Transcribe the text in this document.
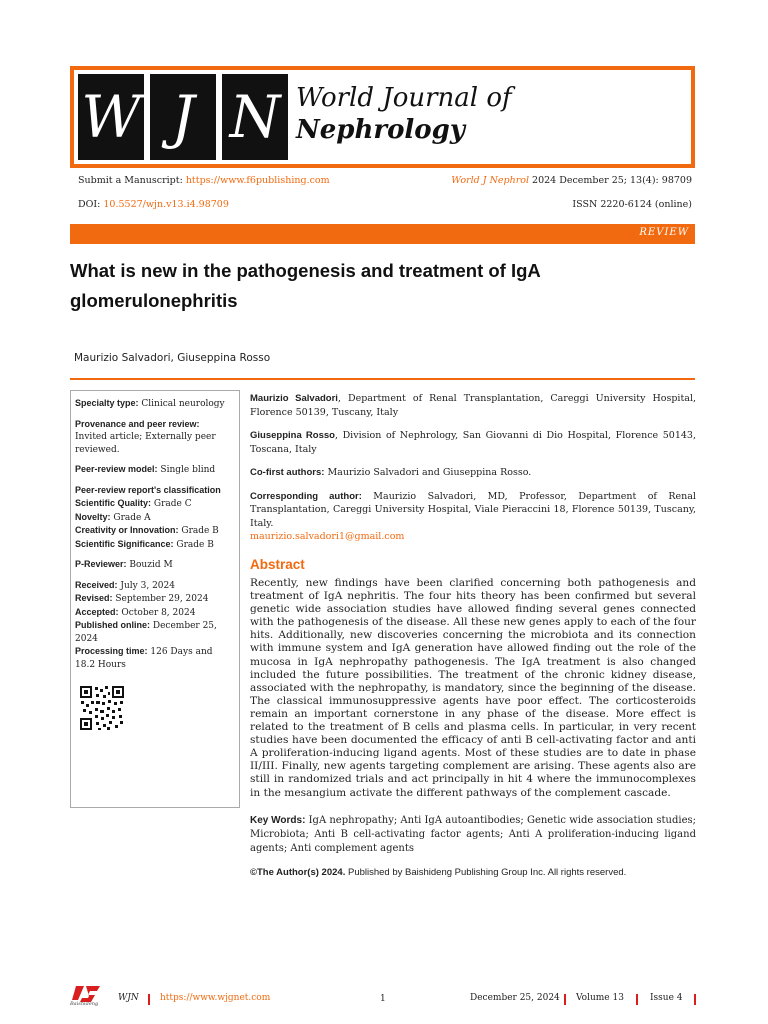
W J N World Journal of
Nephrology
Submit a Manuscript: https://www.f6publishing.com	World J Nephrol 2024 December 25; 13(4): 98709
DOI: 10.5527/wjn.v13.i4.98709	ISSN 2220-6124 (online)
REVIEW
What is new in the pathogenesis and treatment of IgA
glomerulonephritis
Maurizio Salvadori, Giuseppina Rosso
Specialty type: Clinical neurology
Provenance and peer review:
Invited article; Externally peer reviewed.
Peer-review model: Single blind
Peer-review report's classification
Scientific Quality: Grade C
Novelty: Grade A
Creativity or Innovation: Grade B
Scientific Significance: Grade B
P-Reviewer: Bouzid M
Received: July 3, 2024
Revised: September 29, 2024
Accepted: October 8, 2024
Published online: December 25, 2024
Processing time: 126 Days and 18.2 Hours

Maurizio Salvadori, Department of Renal Transplantation, Careggi University Hospital, Florence 50139, Tuscany, Italy

Giuseppina Rosso, Division of Nephrology, San Giovanni di Dio Hospital, Florence 50143, Toscana, Italy

Co-first authors: Maurizio Salvadori and Giuseppina Rosso.

Corresponding author: Maurizio Salvadori, MD, Professor, Department of Renal Transplantation, Careggi University Hospital, Viale Pieraccini 18, Florence 50139, Tuscany, Italy.
maurizio.salvadori1@gmail.com

Abstract
Recently, new findings have been clarified concerning both pathogenesis and treatment of IgA nephritis. The four hits theory has been confirmed but several genetic wide association studies have allowed finding several genes connected with the pathogenesis of the disease. All these new genes apply to each of the four hits. Additionally, new discoveries concerning the microbiota and its connection with immune system and IgA generation have allowed finding out the role of the mucosa in IgA nephropathy pathogenesis. The IgA treatment is also changed included the future possibilities. The treatment of the chronic kidney disease, associated with the nephropathy, is mandatory, since the beginning of the disease. The classical immunosuppressive agents have poor effect. The corticosteroids remain an important cornerstone in any phase of the disease. More effect is related to the treatment of B cells and plasma cells. In particular, in very recent studies have been documented the efficacy of anti B cell-activating factor and anti A proliferation-inducing ligand agents. Most of these studies are to date in phase II/III. Finally, new agents targeting complement are arising. These agents also are still in randomized trials and act principally in hit 4 where the immunocomplexes in the mesangium activate the different pathways of the complement cascade.
Key Words: IgA nephropathy; Anti IgA autoantibodies; Genetic wide association studies; Microbiota; Anti B cell-activating factor agents; Anti A proliferation-inducing ligand agents; Anti complement agents
©The Author(s) 2024. Published by Baishideng Publishing Group Inc. All rights reserved.
Baishideng
WJN https://www.wjgnet.com	1	December 25, 2024 Volume 13	Issue 4
